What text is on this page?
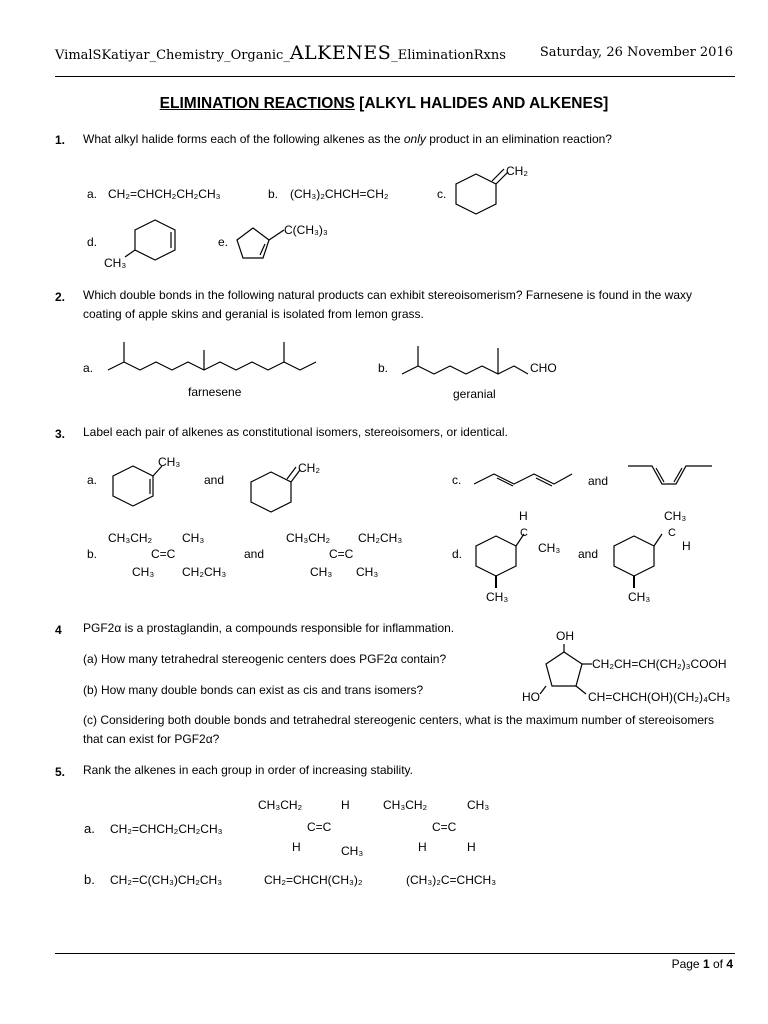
VimalSKatiyar_Chemistry_Organic_ALKENES_EliminationRxns	Saturday, 26 November 2016
ELIMINATION REACTIONS [ALKYL HALIDES AND ALKENES]
1. What alkyl halide forms each of the following alkenes as the only product in an elimination reaction?
a. CH₂=CHCH₂CH₂CH₃	b. (CH₃)₂CHCH=CH₂	c.
CH₂
d.
CH₃
e.
C(CH₃)₃
2. Which double bonds in the following natural products can exhibit stereoisomerism? Farnesene is found in the waxy coating of apple skins and geranial is isolated from lemon grass.
a.
farnesene
b.	CHO
geranial
3. Label each pair of alkenes as constitutional isomers, stereoisomers, or identical.
a.
CH₃
and
CH₂
c.	and
b.
CH₃CH₂ CH₃
C=C
CH₃ CH₂CH₃
and
CH₃CH₂ CH₂CH₃
C=C
CH₃ CH₃
d.
H
C
CH₃
CH₃
and
CH₃
C
H
CH₃
4 PGF2α is a prostaglandin, a compounds responsible for inflammation.
(a) How many tetrahedral stereogenic centers does PGF2α contain?
(b) How many double bonds can exist as cis and trans isomers?
(c) Considering both double bonds and tetrahedral stereogenic centers, what is the maximum number of stereoisomers that can exist for PGF2α?
OH
CH₂CH=CH(CH₂)₃COOH
HO	CH=CHCH(OH)(CH₂)₄CH₃
5. Rank the alkenes in each group in order of increasing stability.
a. CH₂=CHCH₂CH₂CH₃
CH₃CH₂	H
C=C
H	CH₃
CH₃CH₂	CH₃
C=C
H	H
b. CH₂=C(CH₃)CH₂CH₃	CH₂=CHCH(CH₃)₂	(CH₃)₂C=CHCH₃
Page 1 of 4
